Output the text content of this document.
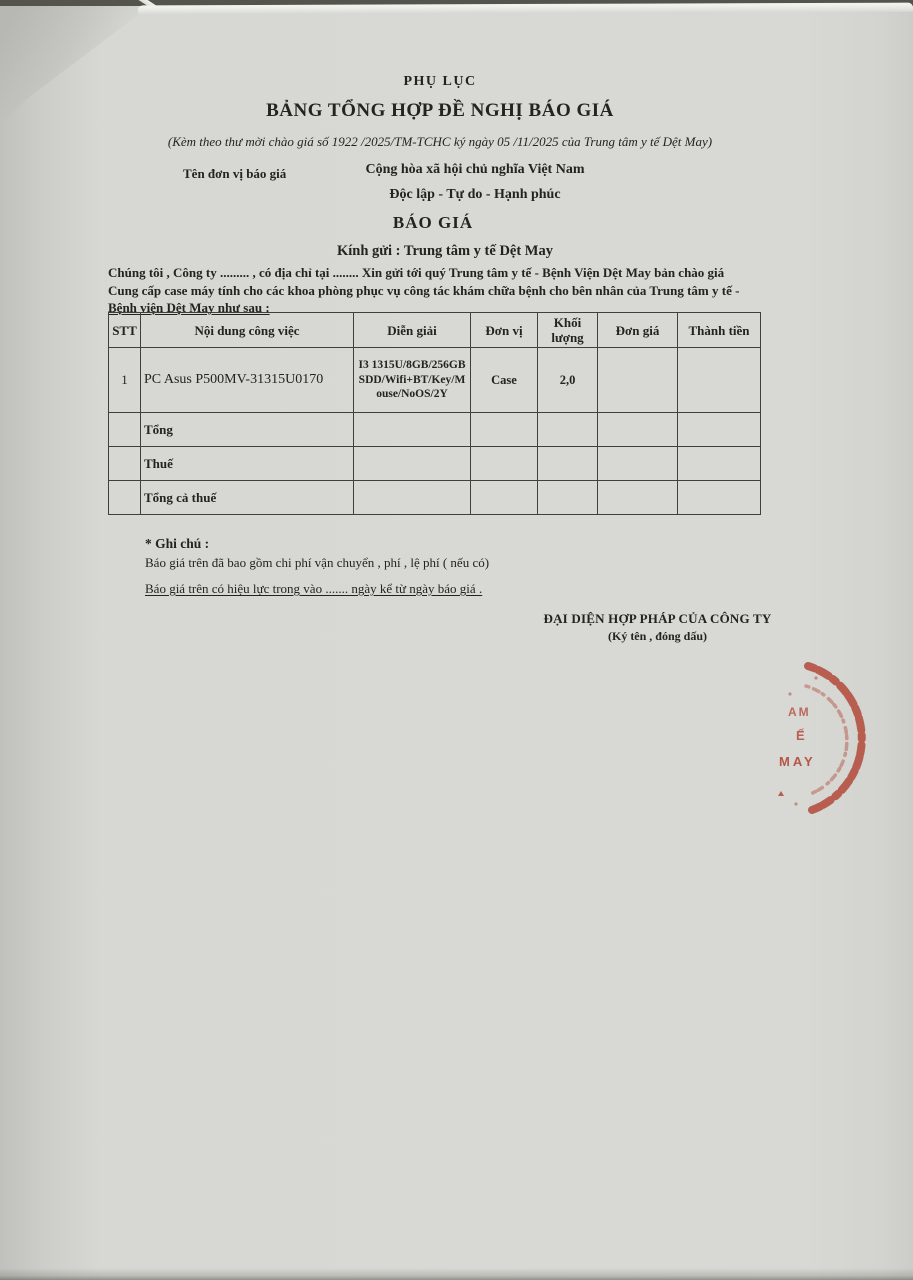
PHỤ LỤC
BẢNG TỔNG HỢP ĐỀ NGHỊ BÁO GIÁ
(Kèm theo thư mời chào giá số 1922 /2025/TM-TCHC ký ngày 05 /11/2025 của Trung tâm y tế Dệt May)
Tên đơn vị báo giá	Cộng hòa xã hội chủ nghĩa Việt Nam
Độc lập - Tự do - Hạnh phúc
BÁO GIÁ
Kính gửi : Trung tâm y tế Dệt May
Chúng tôi , Công ty ......... , có địa chỉ tại ........ Xin gửi tới quý Trung tâm y tế - Bệnh Viện Dệt May bản chào giá
Cung cấp case máy tính cho các khoa phòng phục vụ công tác khám chữa bệnh cho bên nhân của Trung tâm y tế -
Bệnh viện Dệt May như sau :
STT	Nội dung công việc	Diễn giải	Đơn vị	Khối lượng	Đơn giá	Thành tiền
1	PC Asus P500MV-31315U0170	I3 1315U/8GB/256GB SDD/Wifi+BT/Key/Mouse/NoOS/2Y	Case	2,0		
	Tổng					
	Thuế					
	Tổng cả thuế					
* Ghi chú :
Báo giá trên đã bao gồm chi phí vận chuyển , phí , lệ phí ( nếu có)
Báo giá trên có hiệu lực trong vào ....... ngày kể từ ngày báo giá .
ĐẠI DIỆN HỢP PHÁP CỦA CÔNG TY
(Ký tên , đóng dấu)
AM
Ế
MAY
